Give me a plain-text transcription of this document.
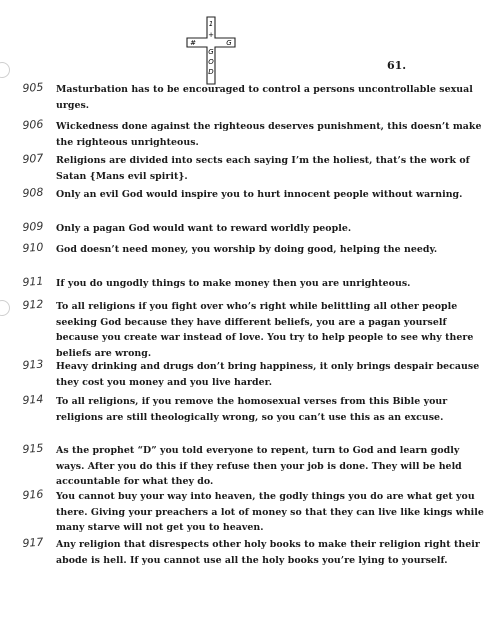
1
#	G
+
G
O
D	61.
905	Masturbation has to be encouraged to control a persons uncontrollable sexual urges.
906	Wickedness done against the righteous deserves punishment, this doesn’t make the righteous unrighteous.
907	Religions are divided into sects each saying I’m the holiest, that’s the work of Satan {Mans evil spirit}.
908	Only an evil God would inspire you to hurt innocent people without warning.
909	Only a pagan God would want to reward worldly people.
910	God doesn’t need money, you worship by doing good, helping the needy.
911	If you do ungodly things to make money then you are unrighteous.
912	To all religions if you fight over who’s right while belittling all other people seeking God because they have different beliefs, you are a pagan yourself because you create war instead of love. You try to help people to see why there beliefs are wrong.
913	Heavy drinking and drugs don’t bring happiness, it only brings despair because they cost you money and you live harder.
914	To all religions, if you remove the homosexual verses from this Bible your religions are still theologically wrong, so you can’t use this as an excuse.
915	As the prophet “D” you told everyone to repent, turn to God and learn godly ways. After you do this if they refuse then your job is done. They will be held accountable for what they do.
916	You cannot buy your way into heaven, the godly things you do are what get you there. Giving your preachers a lot of money so that they can live like kings while many starve will not get you to heaven.
917	Any religion that disrespects other holy books to make their religion right their abode is hell. If you cannot use all the holy books you’re lying to yourself.
